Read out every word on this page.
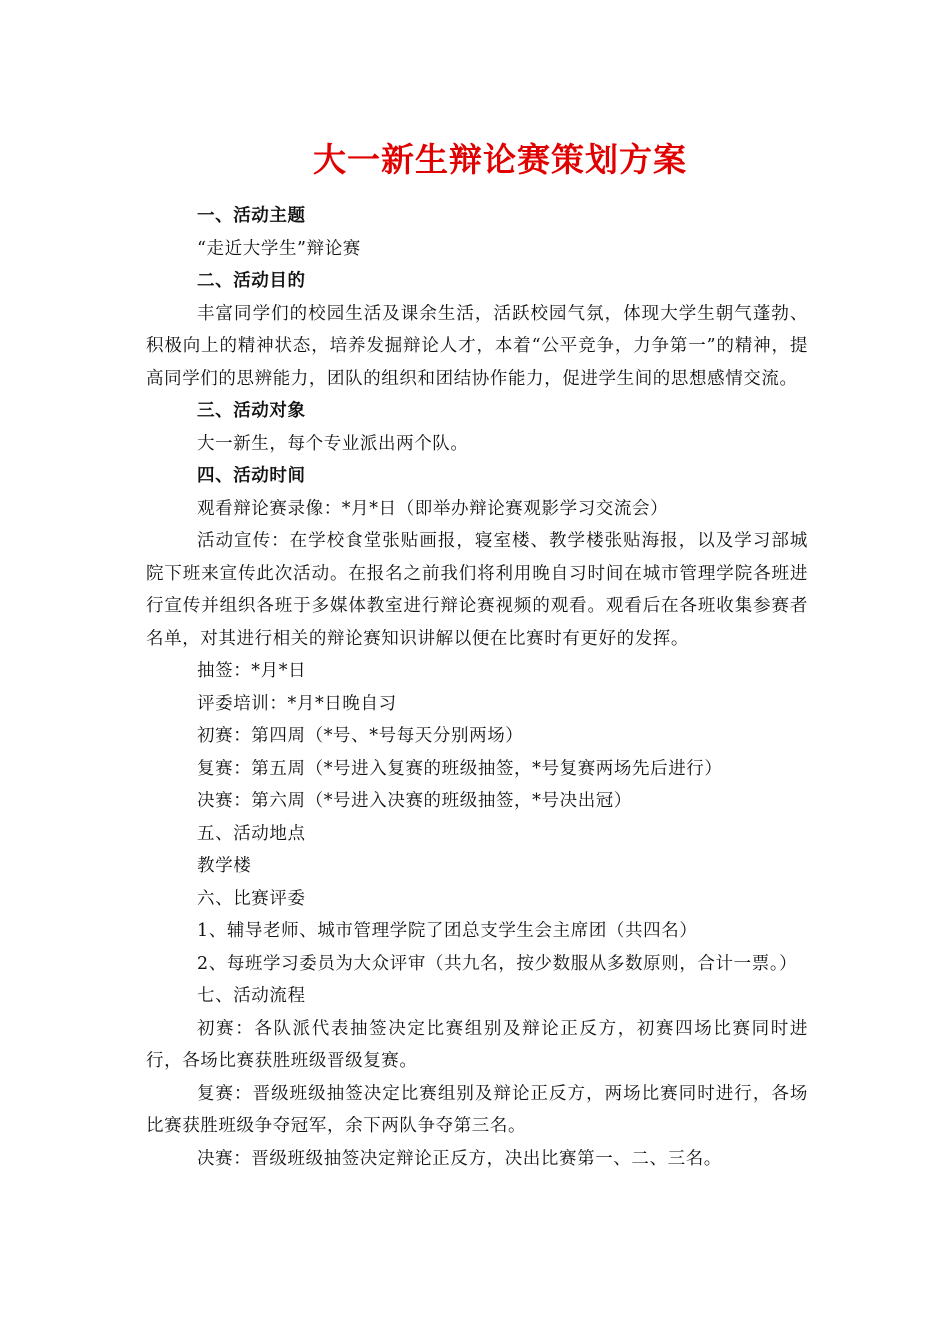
大一新生辩论赛策划方案

一、活动主题

“走近大学生”辩论赛

二、活动目的

丰富同学们的校园生活及课余生活，活跃校园气氛，体现大学生朝气蓬勃、积极向上的精神状态，培养发掘辩论人才，本着“公平竞争，力争第一”的精神，提高同学们的思辨能力，团队的组织和团结协作能力，促进学生间的思想感情交流。

三、活动对象

大一新生，每个专业派出两个队。

四、活动时间

观看辩论赛录像：*月*日（即举办辩论赛观影学习交流会）

活动宣传：在学校食堂张贴画报，寝室楼、教学楼张贴海报，以及学习部城院下班来宣传此次活动。在报名之前我们将利用晚自习时间在城市管理学院各班进行宣传并组织各班于多媒体教室进行辩论赛视频的观看。观看后在各班收集参赛者名单，对其进行相关的辩论赛知识讲解以便在比赛时有更好的发挥。

抽签：*月*日

评委培训：*月*日晚自习

初赛：第四周（*号、*号每天分别两场）

复赛：第五周（*号进入复赛的班级抽签，*号复赛两场先后进行）

决赛：第六周（*号进入决赛的班级抽签，*号决出冠）

五、活动地点

教学楼

六、比赛评委

1、辅导老师、城市管理学院了团总支学生会主席团（共四名）

2、每班学习委员为大众评审（共九名，按少数服从多数原则，合计一票。）

七、活动流程

初赛：各队派代表抽签决定比赛组别及辩论正反方，初赛四场比赛同时进行，各场比赛获胜班级晋级复赛。

复赛：晋级班级抽签决定比赛组别及辩论正反方，两场比赛同时进行，各场比赛获胜班级争夺冠军，余下两队争夺第三名。

决赛：晋级班级抽签决定辩论正反方，决出比赛第一、二、三名。
